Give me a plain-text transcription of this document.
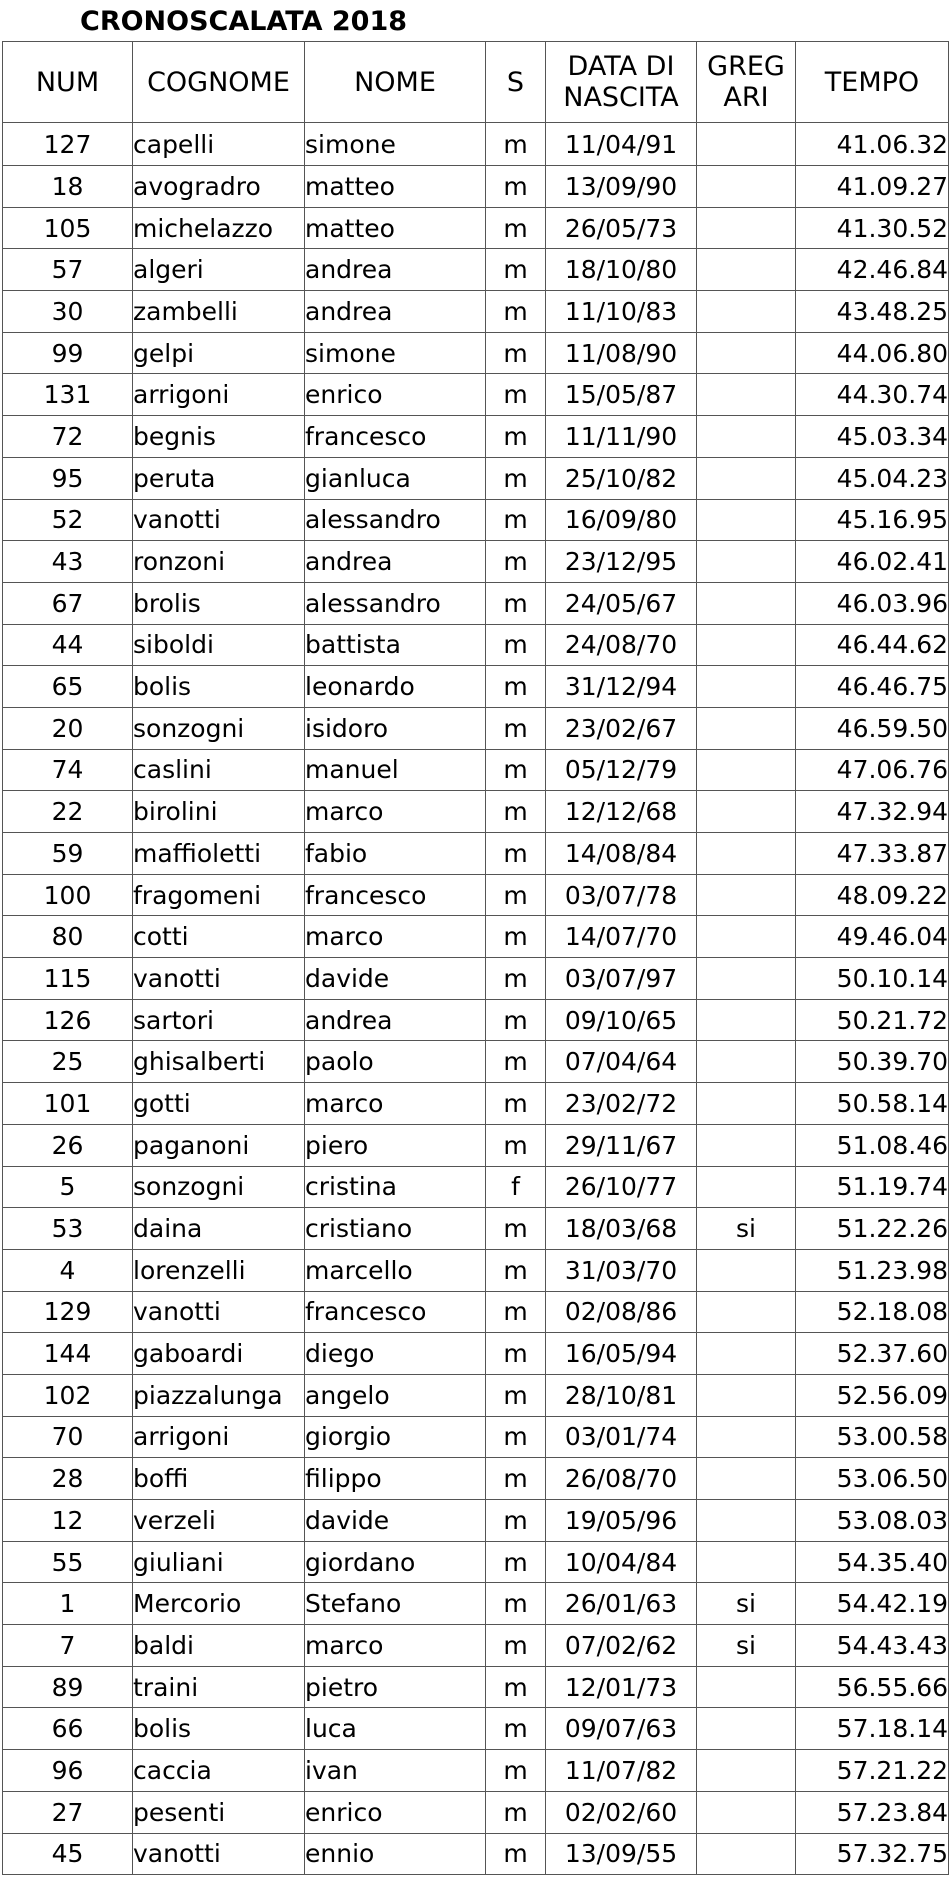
CRONOSCALATA 2018
NUM	COGNOME	NOME	S	DATA DI NASCITA	GREG ARI	TEMPO
127	capelli	simone	m	11/04/91		41.06.32
18	avogradro	matteo	m	13/09/90		41.09.27
105	michelazzo	matteo	m	26/05/73		41.30.52
57	algeri	andrea	m	18/10/80		42.46.84
30	zambelli	andrea	m	11/10/83		43.48.25
99	gelpi	simone	m	11/08/90		44.06.80
131	arrigoni	enrico	m	15/05/87		44.30.74
72	begnis	francesco	m	11/11/90		45.03.34
95	peruta	gianluca	m	25/10/82		45.04.23
52	vanotti	alessandro	m	16/09/80		45.16.95
43	ronzoni	andrea	m	23/12/95		46.02.41
67	brolis	alessandro	m	24/05/67		46.03.96
44	siboldi	battista	m	24/08/70		46.44.62
65	bolis	leonardo	m	31/12/94		46.46.75
20	sonzogni	isidoro	m	23/02/67		46.59.50
74	caslini	manuel	m	05/12/79		47.06.76
22	birolini	marco	m	12/12/68		47.32.94
59	maffioletti	fabio	m	14/08/84		47.33.87
100	fragomeni	francesco	m	03/07/78		48.09.22
80	cotti	marco	m	14/07/70		49.46.04
115	vanotti	davide	m	03/07/97		50.10.14
126	sartori	andrea	m	09/10/65		50.21.72
25	ghisalberti	paolo	m	07/04/64		50.39.70
101	gotti	marco	m	23/02/72		50.58.14
26	paganoni	piero	m	29/11/67		51.08.46
5	sonzogni	cristina	f	26/10/77		51.19.74
53	daina	cristiano	m	18/03/68	si	51.22.26
4	lorenzelli	marcello	m	31/03/70		51.23.98
129	vanotti	francesco	m	02/08/86		52.18.08
144	gaboardi	diego	m	16/05/94		52.37.60
102	piazzalunga	angelo	m	28/10/81		52.56.09
70	arrigoni	giorgio	m	03/01/74		53.00.58
28	boffi	filippo	m	26/08/70		53.06.50
12	verzeli	davide	m	19/05/96		53.08.03
55	giuliani	giordano	m	10/04/84		54.35.40
1	Mercorio	Stefano	m	26/01/63	si	54.42.19
7	baldi	marco	m	07/02/62	si	54.43.43
89	traini	pietro	m	12/01/73		56.55.66
66	bolis	luca	m	09/07/63		57.18.14
96	caccia	ivan	m	11/07/82		57.21.22
27	pesenti	enrico	m	02/02/60		57.23.84
45	vanotti	ennio	m	13/09/55		57.32.75
